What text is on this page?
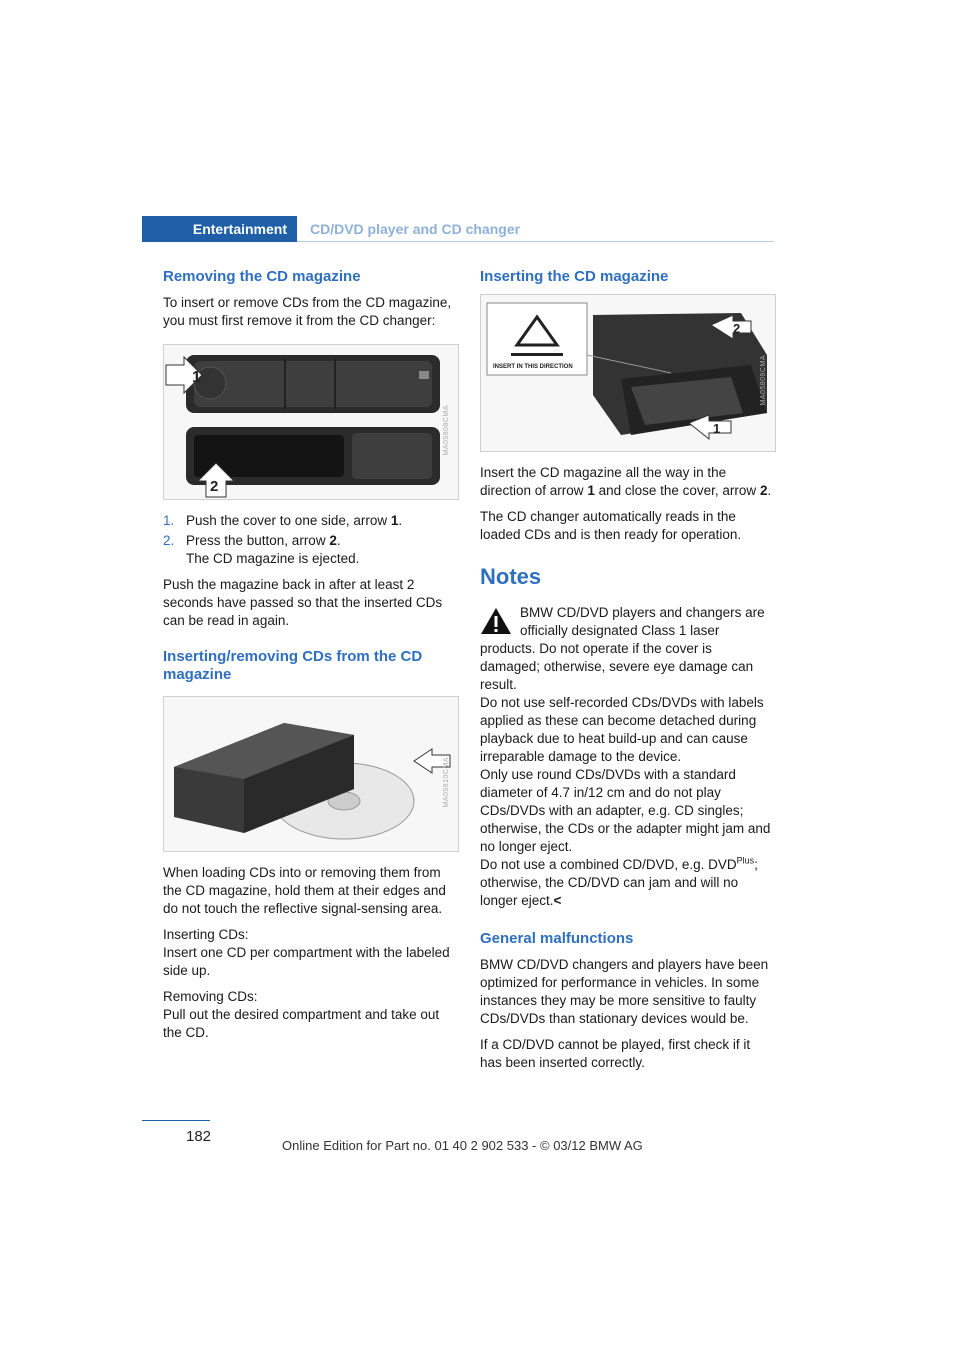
Entertainment	CD/DVD player and CD changer
Removing the CD magazine

To insert or remove CDs from the CD magazine, you must first remove it from the CD changer:

1
2
MA05808CMA
1. Push the cover to one side, arrow 1.
2. Press the button, arrow 2.
The CD magazine is ejected.

Push the magazine back in after at least 2 seconds have passed so that the inserted CDs can be read in again.

Inserting/removing CDs from the CD magazine
MA05810CMA

When loading CDs into or removing them from the CD magazine, hold them at their edges and do not touch the reflective signal-sensing area.

Inserting CDs:
Insert one CD per compartment with the labeled side up.

Removing CDs:
Pull out the desired compartment and take out the CD.

Inserting the CD magazine
INSERT IN THIS DIRECTION
2
1
MA05809CMA

Insert the CD magazine all the way in the direction of arrow 1 and close the cover, arrow 2.

The CD changer automatically reads in the loaded CDs and is then ready for operation.

Notes
BMW CD/DVD players and changers are officially designated Class 1 laser products. Do not operate if the cover is damaged; otherwise, severe eye damage can result.
Do not use self-recorded CDs/DVDs with labels applied as these can become detached during playback due to heat build-up and can cause irreparable damage to the device.
Only use round CDs/DVDs with a standard diameter of 4.7 in/12 cm and do not play CDs/DVDs with an adapter, e.g. CD singles; otherwise, the CDs or the adapter might jam and no longer eject.
Do not use a combined CD/DVD, e.g. $DVD^{Plus}$; otherwise, the CD/DVD can jam and will no longer eject.<
General malfunctions

BMW CD/DVD changers and players have been optimized for performance in vehicles. In some instances they may be more sensitive to faulty CDs/DVDs than stationary devices would be.

If a CD/DVD cannot be played, first check if it has been inserted correctly.

182
Online Edition for Part no. 01 40 2 902 533 - © 03/12 BMW AG
